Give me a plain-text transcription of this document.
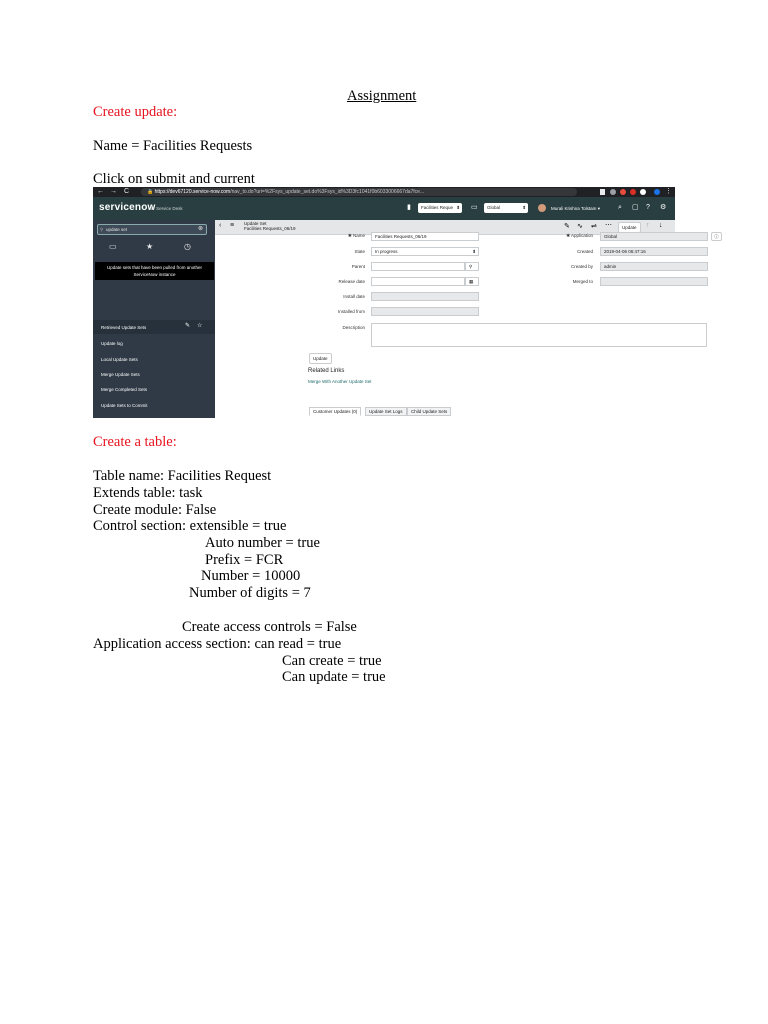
Assignment
Create update:
Name = Facilities Requests
Click on submit and current
← → C	🔒 https://dev67120.service-now.com/nav_to.do?uri=%2Fsys_update_set.do%3Fsys_id%3D3fc1041f0b6033006667da7fce...	⋮
servicenow
IT Service Desk	▮	Facilities Reque ⬍ ▭	Global	⬍	Murali Krishna Tolstam ▾	⌕ ▢ ? ⚙
⚲ update set	⊗
▭	★	◷
Update sets that have been pulled from another ServiceNow instance
Retrieved Update Sets	✎ ☆
Update log
Local Update Sets
Merge Update Sets
Merge Completed Sets
Update Sets to Commit
‹ ≡ Update Set
Facilities Requests_06/19	✎ ∿ ⇌ ⋯	Update	↑ ↓
✱ Name	Facilities Requests_06/19
State	In progress	⬍
Parent	⚲
Release date	▦
Install date
Installed from
Description
✱ Application	Global	ⓘ
Created	2019-04-06 06:47:16
Created by	admin
Merged to
Update
Related Links
Merge With Another Update Set
Customer Updates (0)	Update Set Logs	Child Update Sets
Create a table:
Table name: Facilities Request
Extends table: task
Create module: False
Control section: extensible = true
Auto number = true
Prefix = FCR
Number = 10000
Number of digits = 7
Create access controls = False
Application access section: can read = true
Can create = true
Can update = true
